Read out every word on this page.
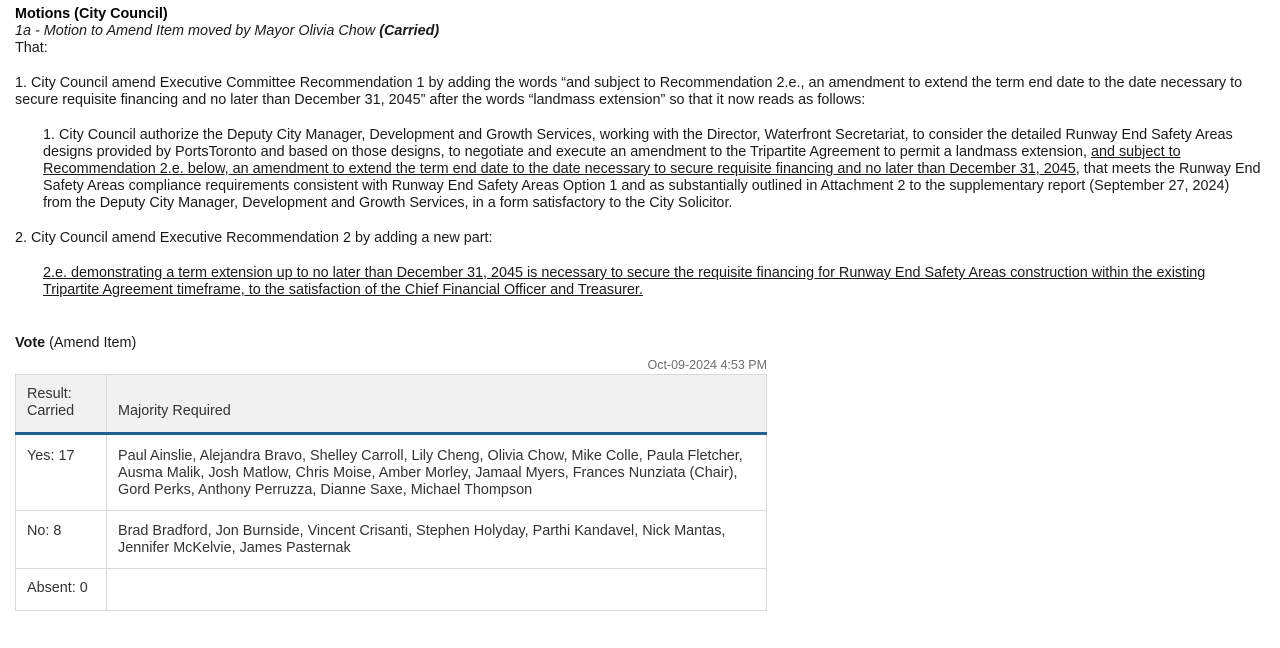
Motions (City Council)
1a - Motion to Amend Item moved by Mayor Olivia Chow (Carried)

That:

1. City Council amend Executive Committee Recommendation 1 by adding the words “and subject to Recommendation 2.e., an amendment to extend the term end date to the date necessary to secure requisite financing and no later than December 31, 2045” after the words “landmass extension” so that it now reads as follows:

1. City Council authorize the Deputy City Manager, Development and Growth Services, working with the Director, Waterfront Secretariat, to consider the detailed Runway End Safety Areas designs provided by PortsToronto and based on those designs, to negotiate and execute an amendment to the Tripartite Agreement to permit a landmass extension, and subject to Recommendation 2.e. below, an amendment to extend the term end date to the date necessary to secure requisite financing and no later than December 31, 2045, that meets the Runway End Safety Areas compliance requirements consistent with Runway End Safety Areas Option 1 and as substantially outlined in Attachment 2 to the supplementary report (September 27, 2024) from the Deputy City Manager, Development and Growth Services, in a form satisfactory to the City Solicitor.

2. City Council amend Executive Recommendation 2 by adding a new part:

2.e. demonstrating a term extension up to no later than December 31, 2045 is necessary to secure the requisite financing for Runway End Safety Areas construction within the existing Tripartite Agreement timeframe, to the satisfaction of the Chief Financial Officer and Treasurer.

Vote (Amend Item)
Oct-09-2024 4:53 PM
Result:
Carried	Majority Required
Yes: 17	Paul Ainslie, Alejandra Bravo, Shelley Carroll, Lily Cheng, Olivia Chow, Mike Colle, Paula Fletcher, Ausma Malik, Josh Matlow, Chris Moise, Amber Morley, Jamaal Myers, Frances Nunziata (Chair), Gord Perks, Anthony Perruzza, Dianne Saxe, Michael Thompson
No: 8	Brad Bradford, Jon Burnside, Vincent Crisanti, Stephen Holyday, Parthi Kandavel, Nick Mantas, Jennifer McKelvie, James Pasternak
Absent: 0	
